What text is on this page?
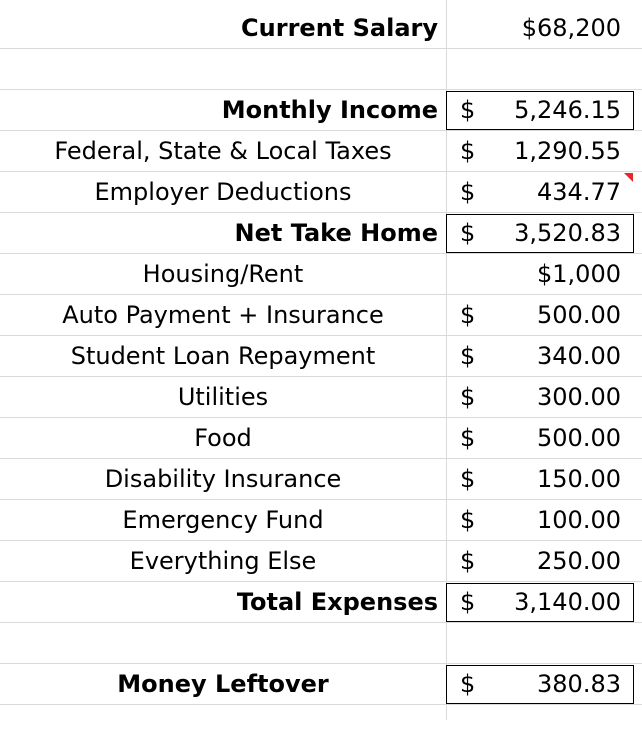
Current Salary	$68,200
Monthly Income $ 5,246.15
Federal, State & Local Taxes	$ 1,290.55
Employer Deductions	$	434.77
Net Take Home $ 3,520.83
Housing/Rent	$1,000
Auto Payment + Insurance	$	500.00
Student Loan Repayment	$	340.00
Utilities	$	300.00
Food	$	500.00
Disability Insurance	$	150.00
Emergency Fund	$	100.00
Everything Else	$	250.00
Total Expenses $ 3,140.00
Money Leftover	$	380.83
